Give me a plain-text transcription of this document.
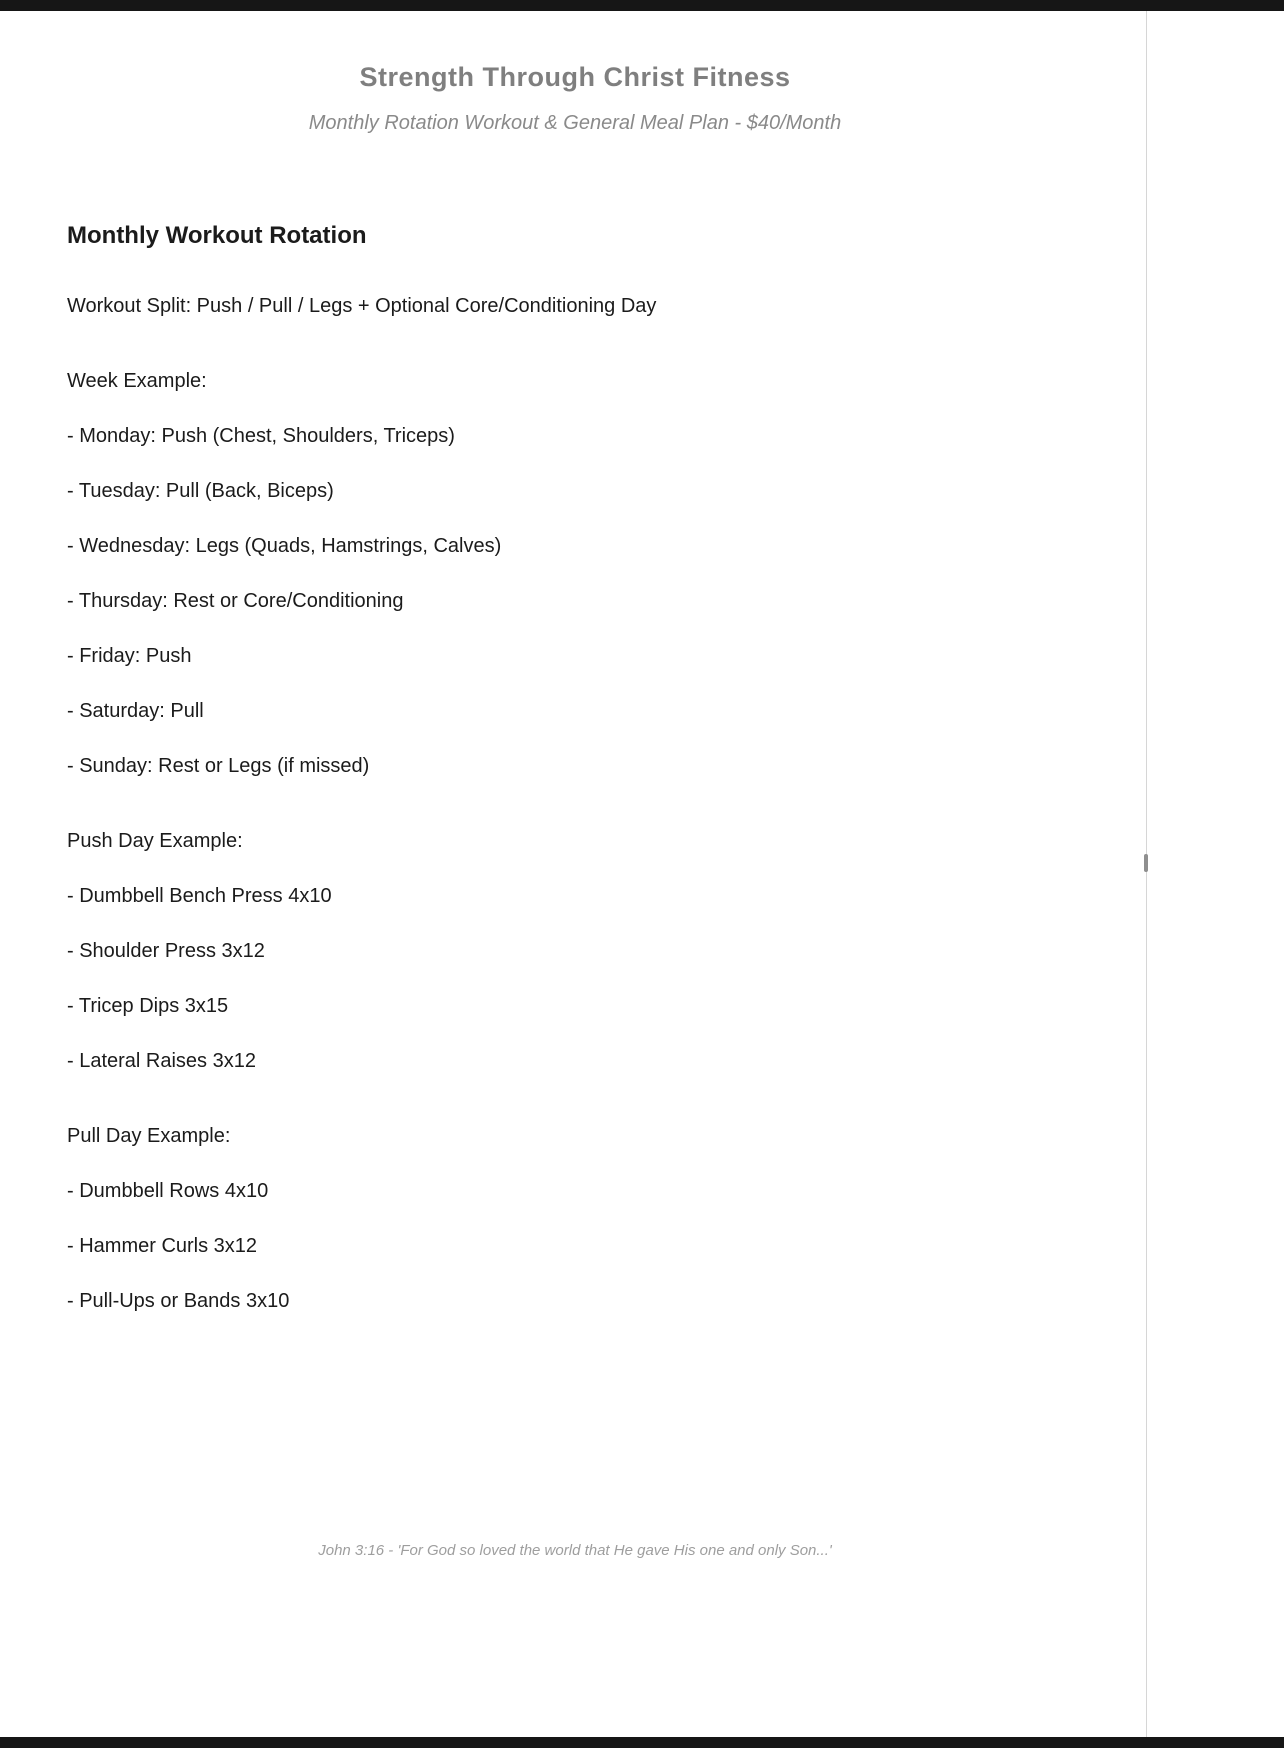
Strength Through Christ Fitness

Monthly Rotation Workout & General Meal Plan - $40/Month

Monthly Workout Rotation

Workout Split: Push / Pull / Legs + Optional Core/Conditioning Day

Week Example:

- Monday: Push (Chest, Shoulders, Triceps)

- Tuesday: Pull (Back, Biceps)

- Wednesday: Legs (Quads, Hamstrings, Calves)

- Thursday: Rest or Core/Conditioning

- Friday: Push

- Saturday: Pull

- Sunday: Rest or Legs (if missed)

Push Day Example:

- Dumbbell Bench Press 4x10

- Shoulder Press 3x12

- Tricep Dips 3x15

- Lateral Raises 3x12

Pull Day Example:

- Dumbbell Rows 4x10

- Hammer Curls 3x12

- Pull-Ups or Bands 3x10

John 3:16 - 'For God so loved the world that He gave His one and only Son...'
